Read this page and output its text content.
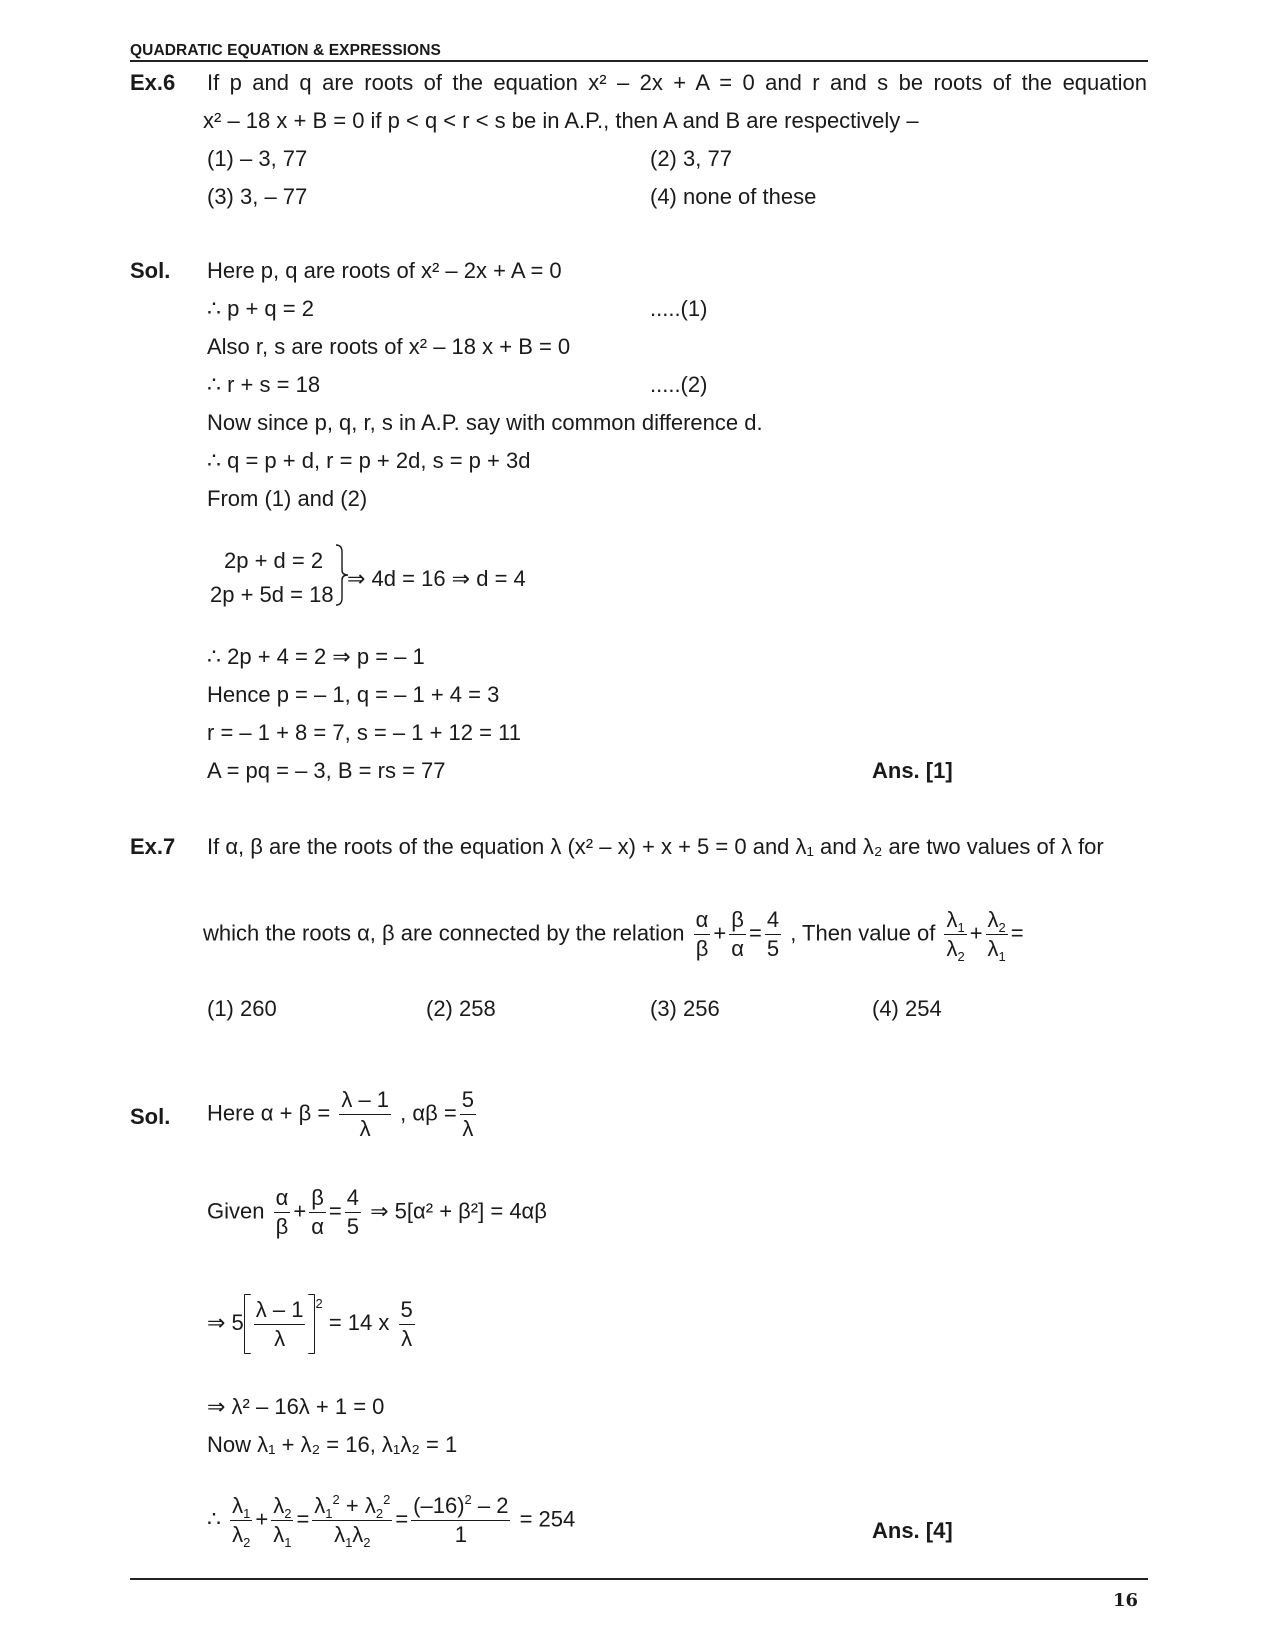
QUADRATIC EQUATION & EXPRESSIONS
Ex.6 If p and q are roots of the equation x² – 2x + A = 0 and r and s be roots of the equation
x² – 18 x + B = 0 if p < q < r < s be in A.P., then A and B are respectively –
(1) – 3, 77	(2) 3, 77
(3) 3, – 77	(4) none of these
Sol. Here p, q are roots of x² – 2x + A = 0
∴ p + q = 2	.....(1)
Also r, s are roots of x² – 18 x + B = 0
∴ r + s = 18	.....(2)
Now since p, q, r, s in A.P. say with common difference d.
∴ q = p + d, r = p + 2d, s = p + 3d
From (1) and (2)
2p + d = 2
2p + 5d = 18
⇒ 4d = 16 ⇒ d = 4
∴ 2p + 4 = 2 ⇒ p = – 1
Hence p = – 1, q = – 1 + 4 = 3
r = – 1 + 8 = 7, s = – 1 + 12 = 11
A = pq = – 3, B = rs = 77	Ans. [1]
Ex.7 If α, β are the roots of the equation λ (x² – x) + x + 5 = 0 and λ₁ and λ₂ are two values of λ for
which the roots α, β are connected by the relation $\frac{\alpha}{\beta} + \frac{\beta}{\alpha} = \frac{4}{5}$ , Then value of $\frac{\lambda_1}{\lambda_2} + \frac{\lambda_2}{\lambda_1}$ =
(1) 260	(2) 258	(3) 256	(4) 254
Sol. Here $\alpha + \beta = \frac{\lambda - 1}{\lambda}$ , $\alpha\beta = \frac{5}{\lambda}$
Given $\frac{\alpha}{\beta} + \frac{\beta}{\alpha} = \frac{4}{5}$ ⇒ 5[α² + β²] = 4αβ
⇒ $5 \frac{\lambda - 1}{\lambda} ^2 = 14$ x $\frac{5}{\lambda}$
⇒ λ² – 16λ + 1 = 0
Now λ₁ + λ₂ = 16, λ₁λ₂ = 1
∴ $\frac{\lambda_1}{\lambda_2} + \frac{\lambda_2}{\lambda_1} = \frac{\lambda_1^2 + \lambda_2^2}{\lambda_1\lambda_2} = \frac{(-16)^2 - 2}{1} = 254$	Ans. [4]
16
